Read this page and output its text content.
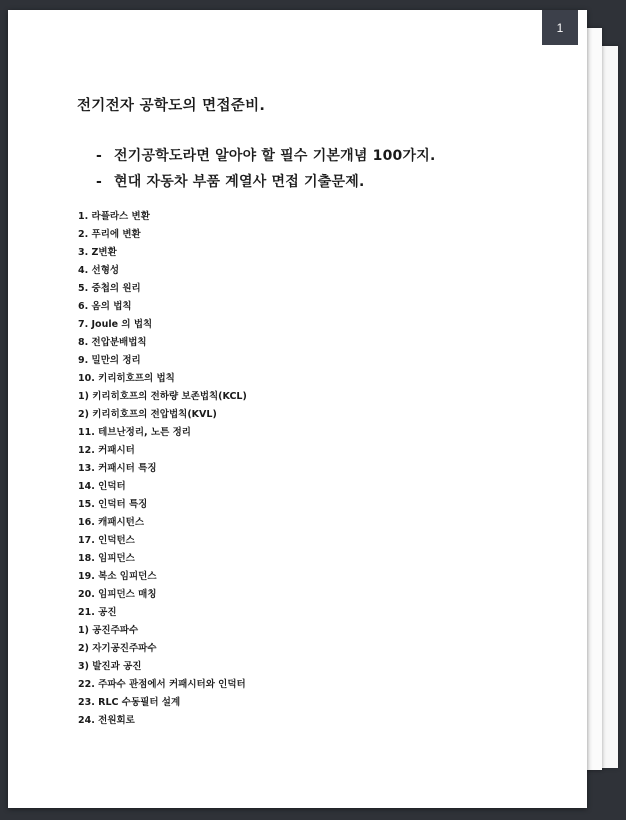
1
전기전자 공학도의 면접준비.
- 전기공학도라면 알아야 할 필수 기본개념 100가지.
- 현대 자동차 부품 계열사 면접 기출문제.
1. 라플라스 변환
2. 푸리에 변환
3. Z변환
4. 선형성
5. 중첩의 원리
6. 옴의 법칙
7. Joule 의 법칙
8. 전압분배법칙
9. 밀만의 정리
10. 키리히호프의 법칙
1) 키리히호프의 전하량 보존법칙(KCL)
2) 키리히호프의 전압법칙(KVL)
11. 테브난정리, 노튼 정리
12. 커패시터
13. 커패시터 특징
14. 인덕터
15. 인덕터 특징
16. 캐패시턴스
17. 인덕턴스
18. 임피던스
19. 복소 임피던스
20. 임피던스 매칭
21. 공진
1) 공진주파수
2) 자기공진주파수
3) 발진과 공진
22. 주파수 관점에서 커패시터와 인덕터
23. RLC 수동필터 설계
24. 전원회로
